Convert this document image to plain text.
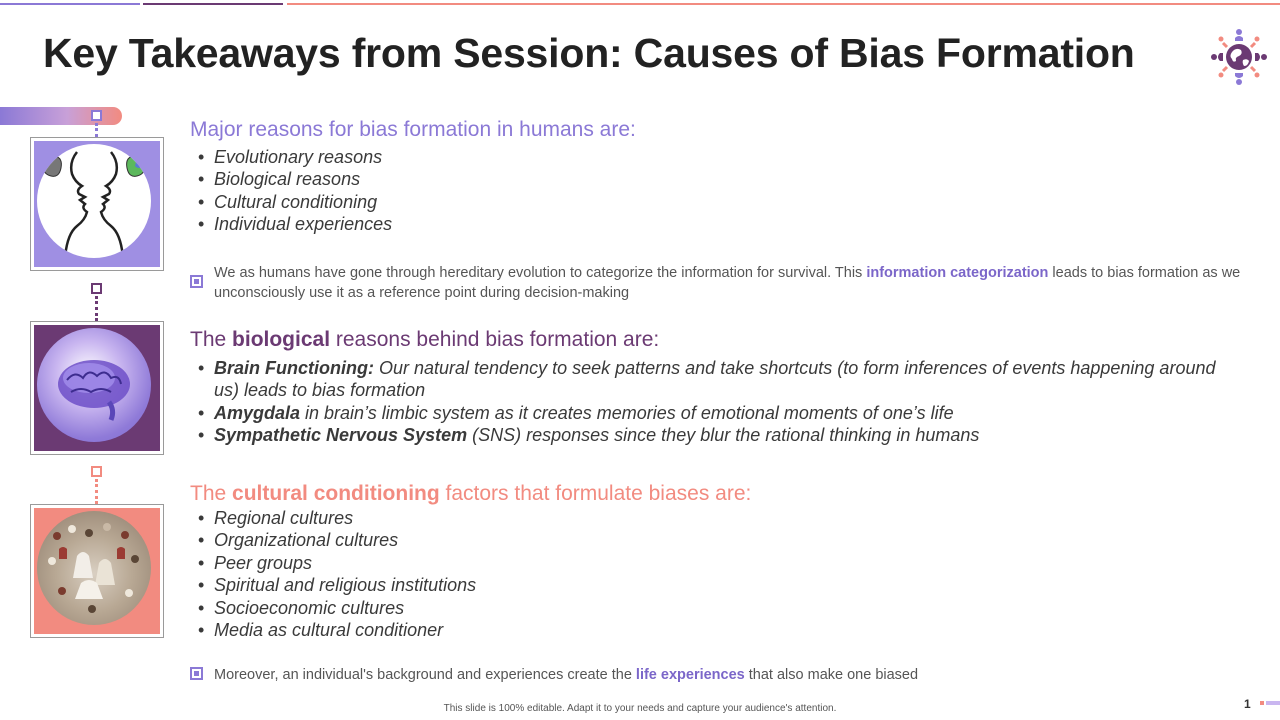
Key Takeaways from Session: Causes of Bias Formation
Major reasons for bias formation in humans are:
• Evolutionary reasons
• Biological reasons
• Cultural conditioning
• Individual experiences
We as humans have gone through hereditary evolution to categorize the information for survival. This information categorization leads to bias formation as we unconsciously use it as a reference point during decision-making
The biological reasons behind bias formation are:
• Brain Functioning: Our natural tendency to seek patterns and take shortcuts (to form inferences of events happening around us) leads to bias formation
• Amygdala in brain’s limbic system as it creates memories of emotional moments of one’s life
• Sympathetic Nervous System (SNS) responses since they blur the rational thinking in humans
The cultural conditioning factors that formulate biases are:
• Regional cultures
• Organizational cultures
• Peer groups
• Spiritual and religious institutions
• Socioeconomic cultures
• Media as cultural conditioner
Moreover, an individual's background and experiences create the life experiences that also make one biased
This slide is 100% editable. Adapt it to your needs and capture your audience's attention.	1
